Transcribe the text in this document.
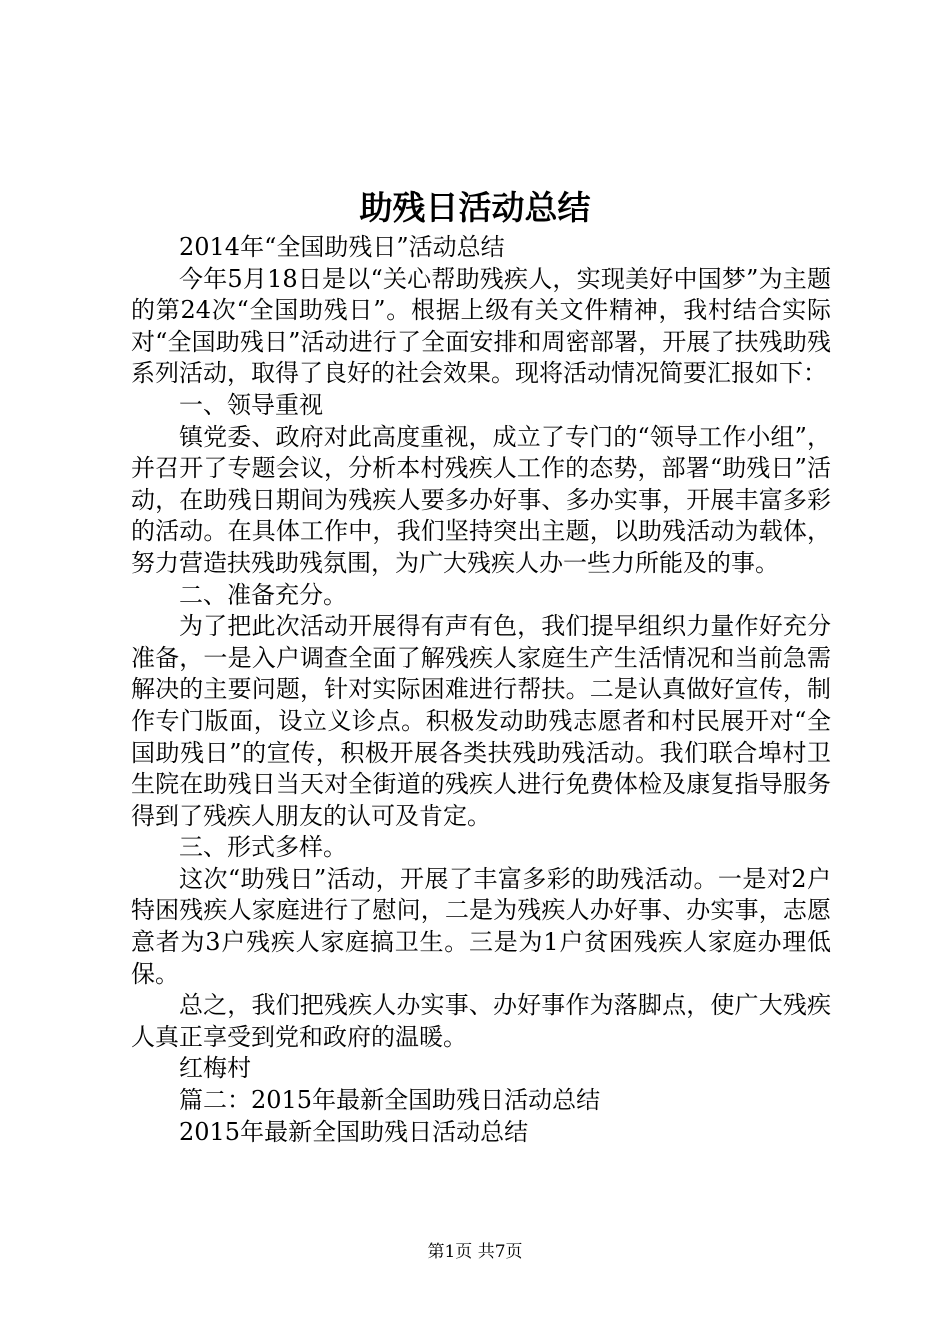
助残日活动总结

2014年“全国助残日”活动总结

今年5月18日是以“关心帮助残疾人，实现美好中国梦”为主题的第24次“全国助残日”。根据上级有关文件精神，我村结合实际对“全国助残日”活动进行了全面安排和周密部署，开展了扶残助残系列活动，取得了良好的社会效果。现将活动情况简要汇报如下：

一、领导重视

镇党委、政府对此高度重视，成立了专门的“领导工作小组”，并召开了专题会议，分析本村残疾人工作的态势，部署“助残日”活动，在助残日期间为残疾人要多办好事、多办实事，开展丰富多彩的活动。在具体工作中，我们坚持突出主题，以助残活动为载体，努力营造扶残助残氛围，为广大残疾人办一些力所能及的事。

二、准备充分。

为了把此次活动开展得有声有色，我们提早组织力量作好充分准备，一是入户调查全面了解残疾人家庭生产生活情况和当前急需解决的主要问题，针对实际困难进行帮扶。二是认真做好宣传，制作专门版面，设立义诊点。积极发动助残志愿者和村民展开对“全国助残日”的宣传，积极开展各类扶残助残活动。我们联合埠村卫生院在助残日当天对全街道的残疾人进行免费体检及康复指导服务得到了残疾人朋友的认可及肯定。

三、形式多样。

这次“助残日”活动，开展了丰富多彩的助残活动。一是对2户特困残疾人家庭进行了慰问，二是为残疾人办好事、办实事，志愿意者为3户残疾人家庭搞卫生。三是为1户贫困残疾人家庭办理低保。

总之，我们把残疾人办实事、办好事作为落脚点，使广大残疾人真正享受到党和政府的温暖。

红梅村

篇二：2015年最新全国助残日活动总结

2015年最新全国助残日活动总结

第1页 共7页
